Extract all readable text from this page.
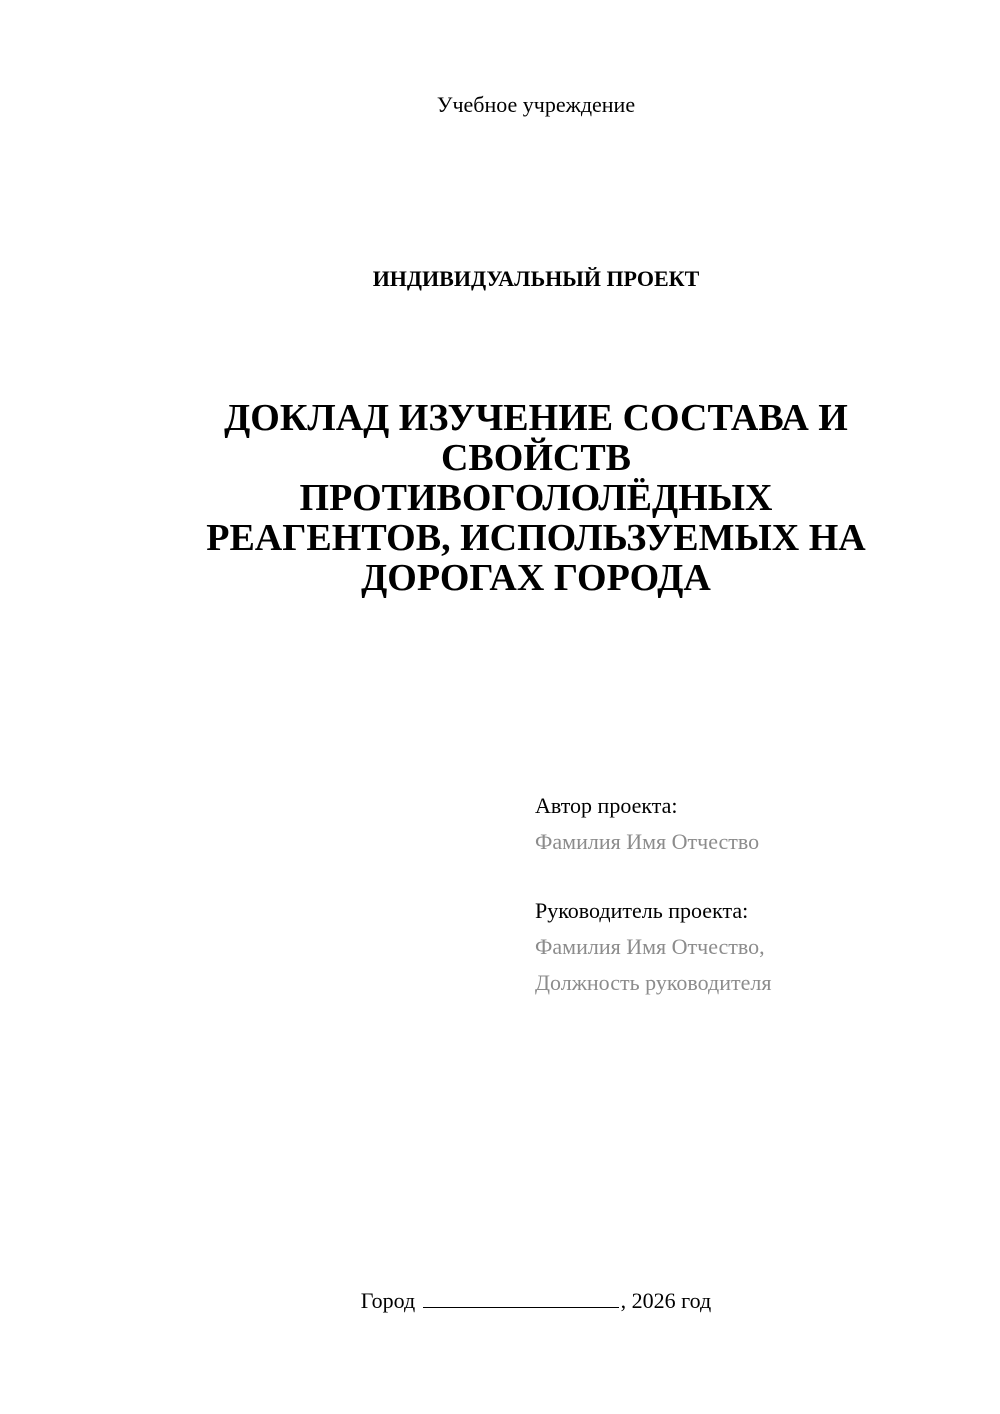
Учебное учреждение
ИНДИВИДУАЛЬНЫЙ ПРОЕКТ
ДОКЛАД ИЗУЧЕНИЕ СОСТАВА И СВОЙСТВ ПРОТИВОГОЛОЛЁДНЫХ РЕАГЕНТОВ, ИСПОЛЬЗУЕМЫХ НА ДОРОГАХ ГОРОДА
Автор проекта:
Фамилия Имя Отчество
Руководитель проекта:
Фамилия Имя Отчество,
Должность руководителя
Город	, 2026 год
